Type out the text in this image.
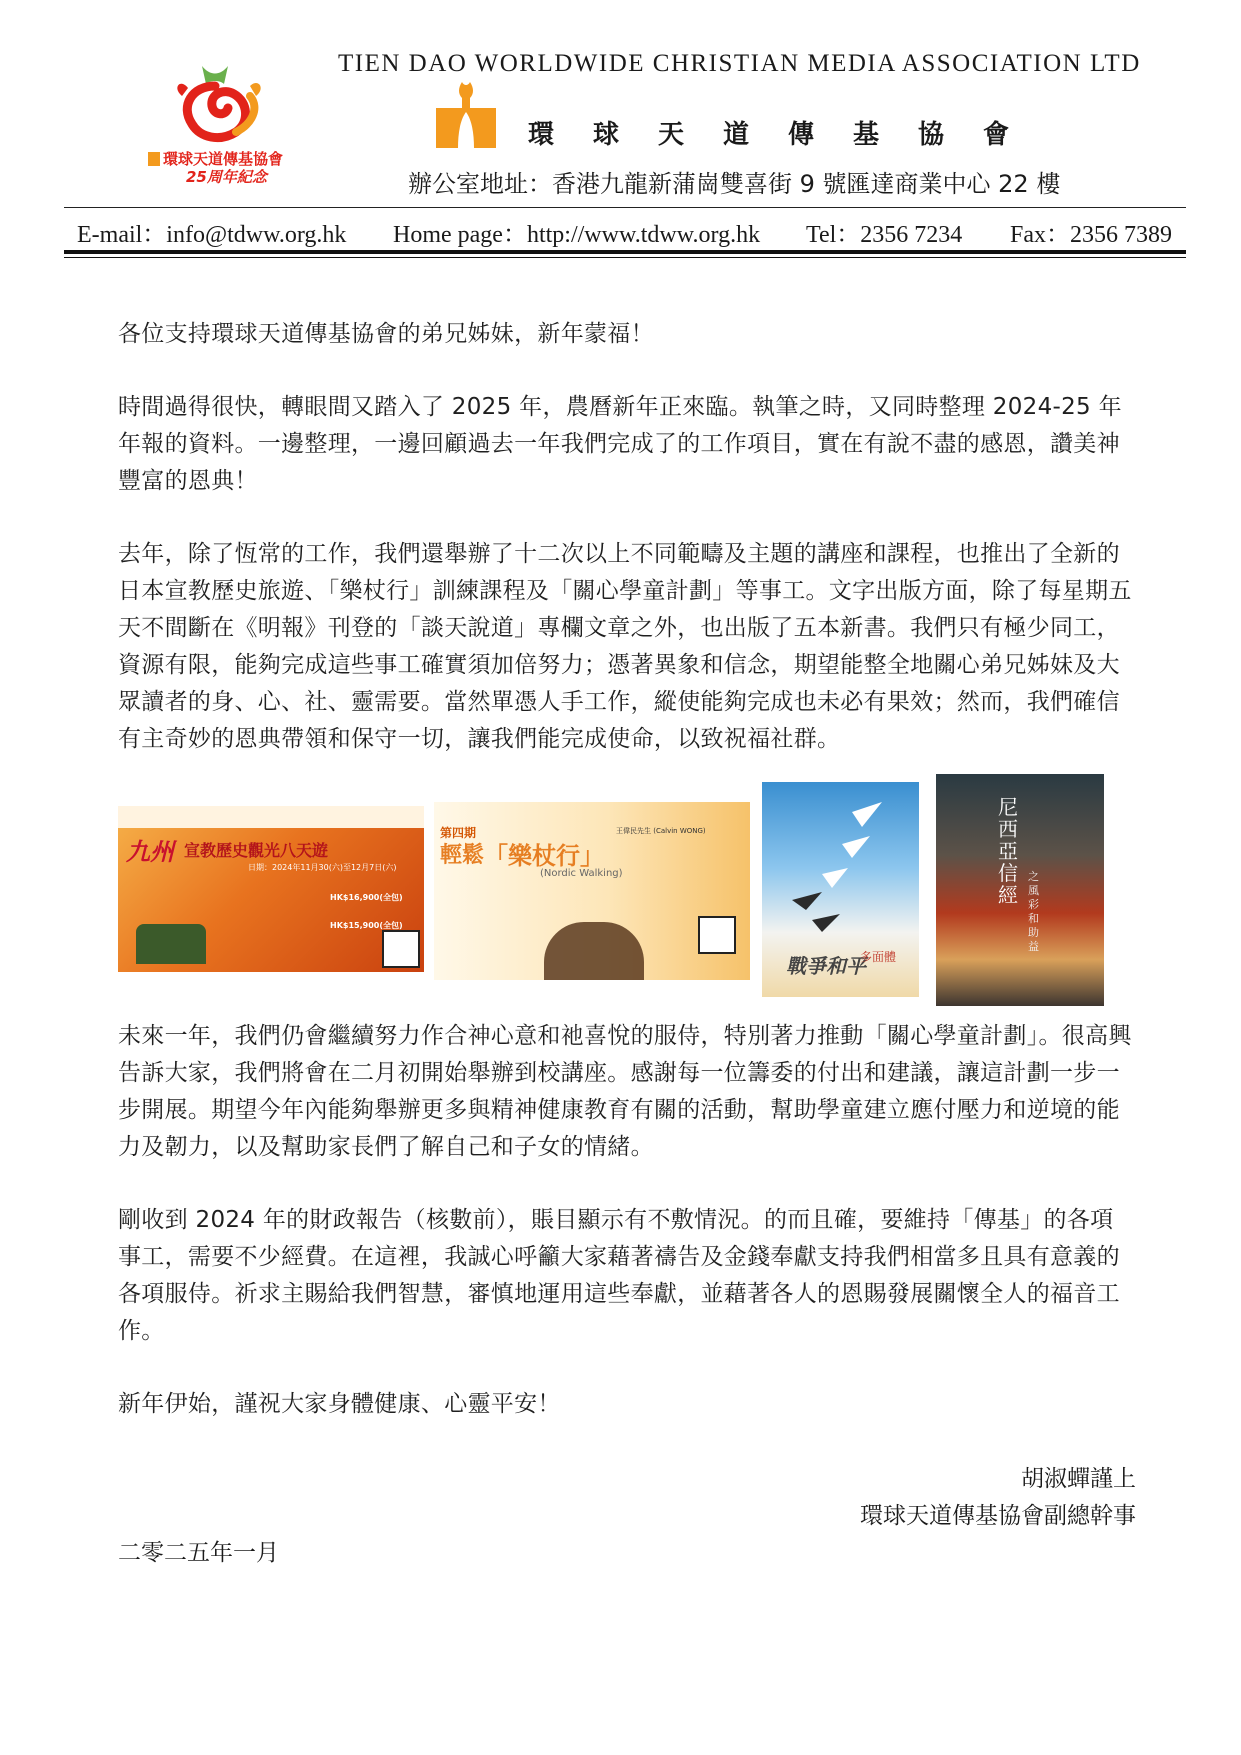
環球天道傳基協會
25周年紀念
TIEN DAO WORLDWIDE CHRISTIAN MEDIA ASSOCIATION LTD
環球天道傳基協會
辦公室地址：香港九龍新蒲崗雙喜街 9 號匯達商業中心 22 樓
E-mail：info@tdww.org.hk Home page：http://www.tdww.org.hk Tel：2356 7234 Fax：2356 7389
各位支持環球天道傳基協會的弟兄姊妹，新年蒙福！
時間過得很快，轉眼間又踏入了 2025 年，農曆新年正來臨。執筆之時，又同時整理 2024-25 年年報的資料。一邊整理，一邊回顧過去一年我們完成了的工作項目，實在有說不盡的感恩，讚美神豐富的恩典！
去年，除了恆常的工作，我們還舉辦了十二次以上不同範疇及主題的講座和課程，也推出了全新的日本宣教歷史旅遊、「樂杖行」訓練課程及「關心學童計劃」等事工。文字出版方面，除了每星期五天不間斷在《明報》刊登的「談天說道」專欄文章之外，也出版了五本新書。我們只有極少同工，資源有限，能夠完成這些事工確實須加倍努力；憑著異象和信念，期望能整全地關心弟兄姊妹及大眾讀者的身、心、社、靈需要。當然單憑人手工作，縱使能夠完成也未必有果效；然而，我們確信有主奇妙的恩典帶領和保守一切，讓我們能完成使命，以致祝福社群。
九州 宣教歷史觀光八天遊
日期：2024年11月30(六)至12月7日(六)
HK$16,900(全包)
HK$15,900(全包)
第四期
輕鬆 「樂杖行」
(Nordic Walking)
王偉民先生 (Calvin WONG)
戰爭和平
多面體
尼西亞信經
之風彩和助益
未來一年，我們仍會繼續努力作合神心意和祂喜悅的服侍，特別著力推動「關心學童計劃」。很高興告訴大家，我們將會在二月初開始舉辦到校講座。感謝每一位籌委的付出和建議，讓這計劃一步一步開展。期望今年內能夠舉辦更多與精神健康教育有關的活動，幫助學童建立應付壓力和逆境的能力及韌力，以及幫助家長們了解自己和子女的情緒。
剛收到 2024 年的財政報告（核數前），賬目顯示有不敷情況。的而且確，要維持「傳基」的各項事工，需要不少經費。在這裡，我誠心呼籲大家藉著禱告及金錢奉獻支持我們相當多且具有意義的各項服侍。祈求主賜給我們智慧，審慎地運用這些奉獻，並藉著各人的恩賜發展關懷全人的福音工作。
新年伊始，謹祝大家身體健康、心靈平安！
胡淑蟬謹上
環球天道傳基協會副總幹事
二零二五年一月
